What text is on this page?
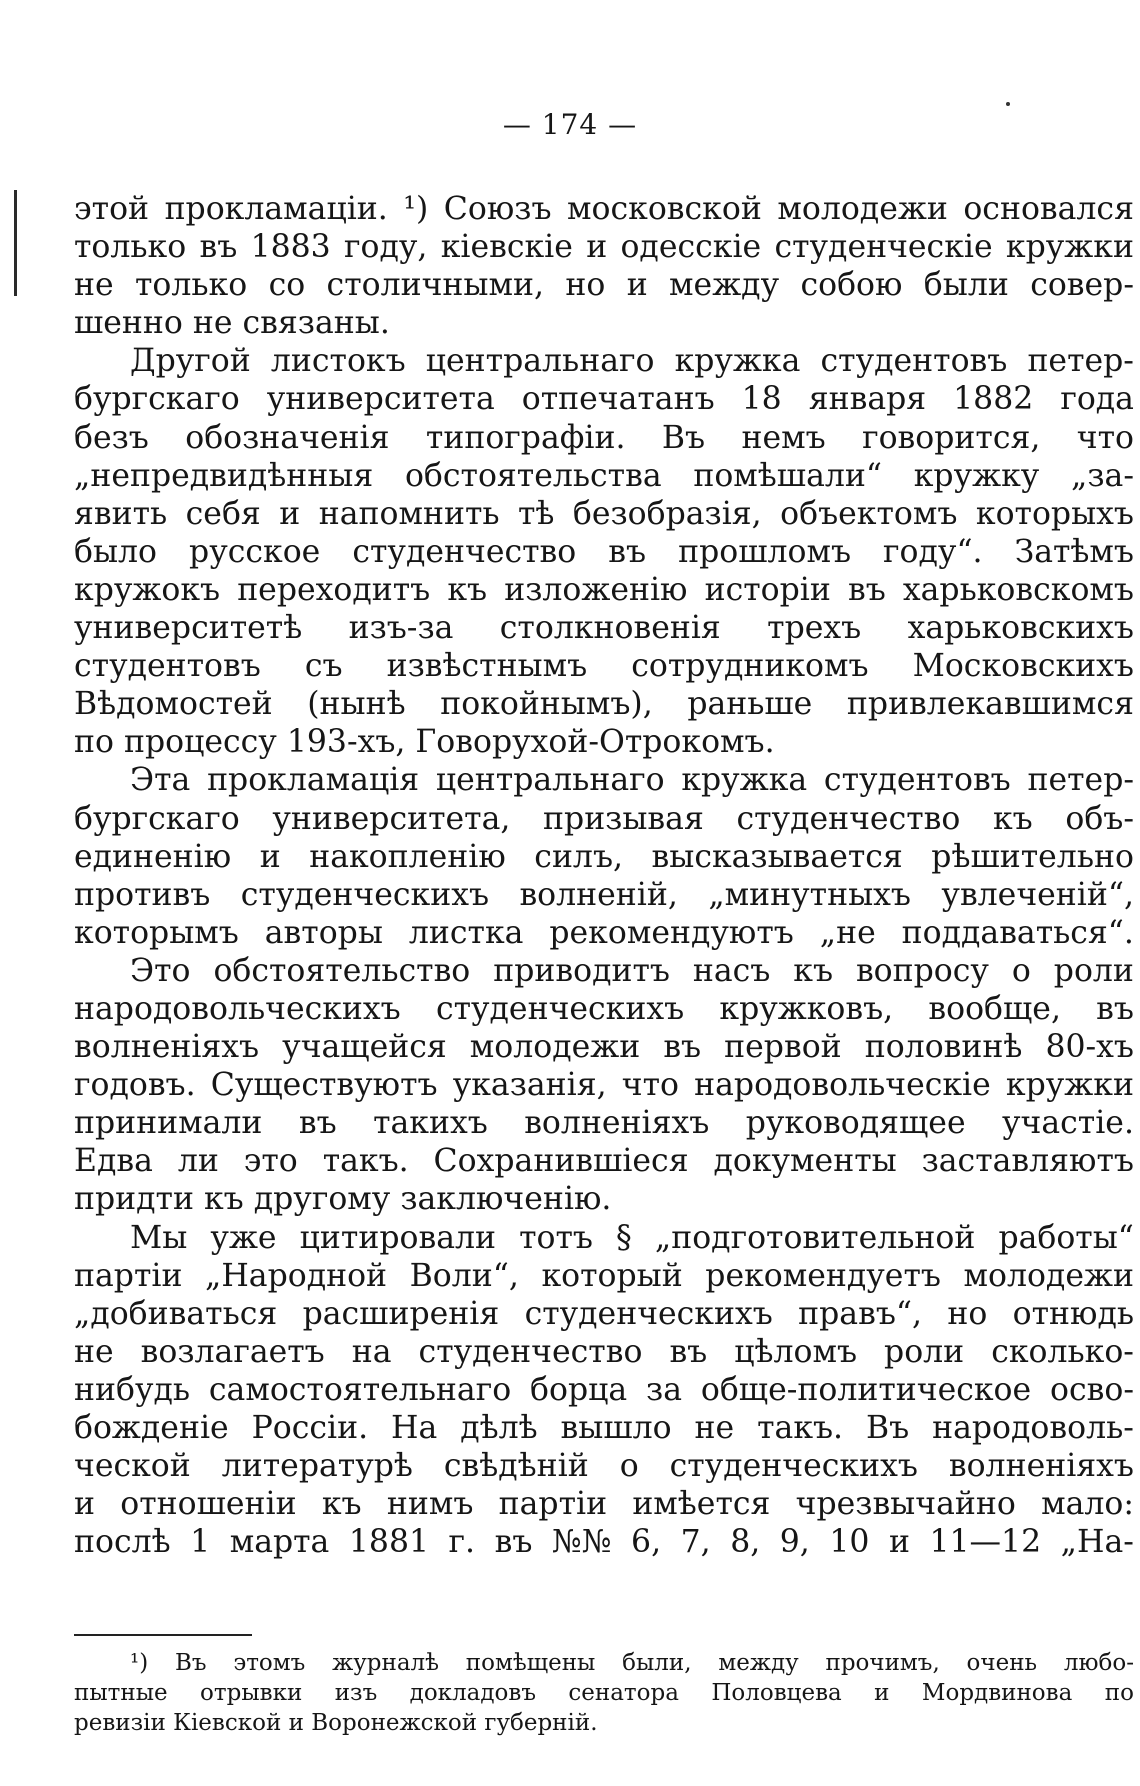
— 174 —
этой прокламаціи. ¹) Союзъ московской молодежи основался
только въ 1883 году, кіевскіе и одесскіе студенческіе кружки
не только со столичными, но и между собою были совер-
шенно не связаны.
Другой листокъ центральнаго кружка студентовъ петер-
бургскаго университета отпечатанъ 18 января 1882 года
безъ обозначенія типографіи. Въ немъ говорится, что
„непредвидѣнныя обстоятельства помѣшали“ кружку „за-
явить себя и напомнить тѣ безобразія, объектомъ которыхъ
было русское студенчество въ прошломъ году“. Затѣмъ
кружокъ переходитъ къ изложенію исторіи въ харьковскомъ
университетѣ изъ-за столкновенія трехъ харьковскихъ
студентовъ съ извѣстнымъ сотрудникомъ Московскихъ
Вѣдомостей (нынѣ покойнымъ), раньше привлекавшимся
по процессу 193-хъ, Говорухой-Отрокомъ.
Эта прокламація центральнаго кружка студентовъ петер-
бургскаго университета, призывая студенчество къ объ-
единенію и накопленію силъ, высказывается рѣшительно
противъ студенческихъ волненій, „минутныхъ увлеченій“,
которымъ авторы листка рекомендуютъ „не поддаваться“.
Это обстоятельство приводитъ насъ къ вопросу о роли
народовольческихъ студенческихъ кружковъ, вообще, въ
волненіяхъ учащейся молодежи въ первой половинѣ 80-хъ
годовъ. Существуютъ указанія, что народовольческіе кружки
принимали въ такихъ волненіяхъ руководящее участіе.
Едва ли это такъ. Сохранившіеся документы заставляютъ
придти къ другому заключенію.
Мы уже цитировали тотъ § „подготовительной работы“
партіи „Народной Воли“, который рекомендуетъ молодежи
„добиваться расширенія студенческихъ правъ“, но отнюдь
не возлагаетъ на студенчество въ цѣломъ роли сколько-
нибудь самостоятельнаго борца за обще-политическое осво-
божденіе Россіи. На дѣлѣ вышло не такъ. Въ народоволь-
ческой литературѣ свѣдѣній о студенческихъ волненіяхъ
и отношеніи къ нимъ партіи имѣется чрезвычайно мало:
послѣ 1 марта 1881 г. въ №№ 6, 7, 8, 9, 10 и 11—12 „На-
¹) Въ этомъ журналѣ помѣщены были, между прочимъ, очень любо-
пытные отрывки изъ докладовъ сенатора Половцева и Мордвинова по
ревизіи Кіевской и Воронежской губерній.
